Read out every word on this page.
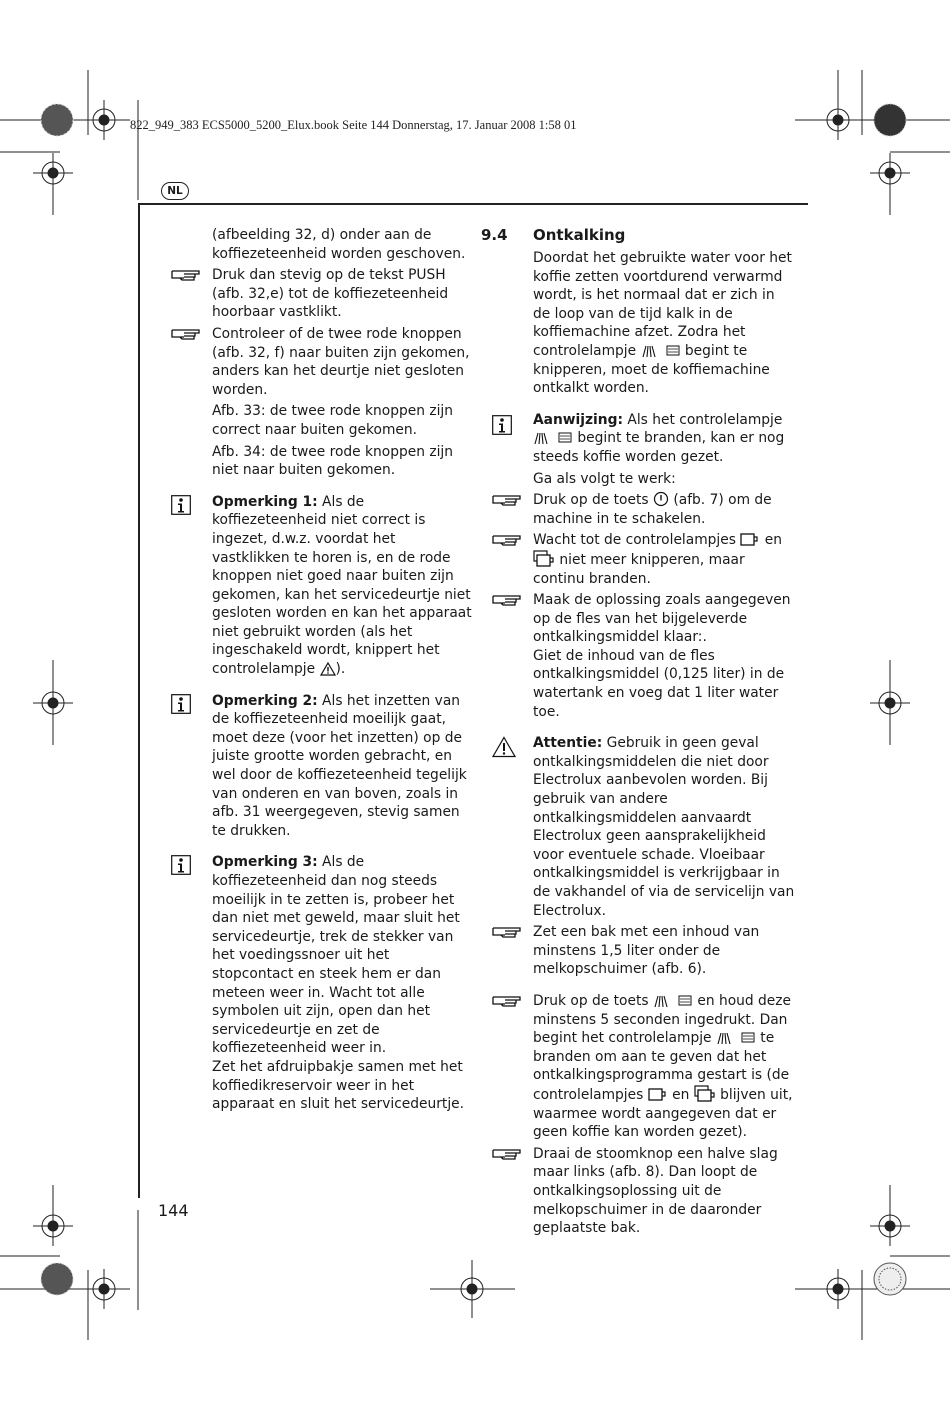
822_949_383 ECS5000_5200_Elux.book Seite 144 Donnerstag, 17. Januar 2008 1:58 01
NL

(afbeelding 32, d) onder aan de koffiezeteenheid worden geschoven.

Druk dan stevig op de tekst PUSH (afb. 32,e) tot de koffiezeteenheid hoorbaar vastklikt.

Controleer of de twee rode knoppen (afb. 32, f) naar buiten zijn gekomen, anders kan het deurtje niet gesloten worden.

Afb. 33: de twee rode knoppen zijn correct naar buiten gekomen.

Afb. 34: de twee rode knoppen zijn niet naar buiten gekomen.

Opmerking 1: Als de koffiezeteenheid niet correct is ingezet, d.w.z. voordat het vastklikken te horen is, en de rode knoppen niet goed naar buiten zijn gekomen, kan het servicedeurtje niet gesloten worden en kan het apparaat niet gebruikt worden (als het ingeschakeld wordt, knippert het controlelampje ).

Opmerking 2: Als het inzetten van de koffiezeteenheid moeilijk gaat, moet deze (voor het inzetten) op de juiste grootte worden gebracht, en wel door de koffiezeteenheid tegelijk van onderen en van boven, zoals in afb. 31 weergegeven, stevig samen te drukken.

Opmerking 3: Als de koffiezeteenheid dan nog steeds moeilijk in te zetten is, probeer het dan niet met geweld, maar sluit het servicedeurtje, trek de stekker van het voedingssnoer uit het stopcontact en steek hem er dan meteen weer in. Wacht tot alle symbolen uit zijn, open dan het servicedeurtje en zet de koffiezeteenheid weer in.

Zet het afdruipbakje samen met het koffiedikreservoir weer in het apparaat en sluit het servicedeurtje.

9.4 Ontkalking

Doordat het gebruikte water voor het koffie zetten voortdurend verwarmd wordt, is het normaal dat er zich in de loop van de tijd kalk in de koffiemachine afzet. Zodra het controlelampje	begint te knipperen, moet de koffiemachine ontkalkt worden.

Aanwijzing: Als het controlelampje  begint te branden, kan er nog steeds koffie worden gezet.

Ga als volgt te werk:

Druk op de toets  (afb. 7) om de machine in te schakelen.

Wacht tot de controlelampjes  en  niet meer knipperen, maar continu branden.

Maak de oplossing zoals aangegeven op de fles van het bijgeleverde ontkalkingsmiddel klaar:.

Giet de inhoud van de fles ontkalkingsmiddel (0,125 liter) in de watertank en voeg dat 1 liter water toe.

Attentie: Gebruik in geen geval ontkalkingsmiddelen die niet door Electrolux aanbevolen worden. Bij gebruik van andere ontkalkingsmiddelen aanvaardt Electrolux geen aansprakelijkheid voor eventuele schade. Vloeibaar ontkalkingsmiddel is verkrijgbaar in de vakhandel of via de servicelijn van Electrolux.

Zet een bak met een inhoud van minstens 1,5 liter onder de melkopschuimer (afb. 6).

Druk op de toets	en houd deze minstens 5 seconden ingedrukt. Dan begint het controlelampje	te branden om aan te geven dat het ontkalkingsprogramma gestart is (de controlelampjes  en  blijven uit, waarmee wordt aangegeven dat er geen koffie kan worden gezet).

Draai de stoomknop een halve slag maar links (afb. 8). Dan loopt de ontkalkingsoplossing uit de melkopschuimer in de daaronder geplaatste bak.

144
